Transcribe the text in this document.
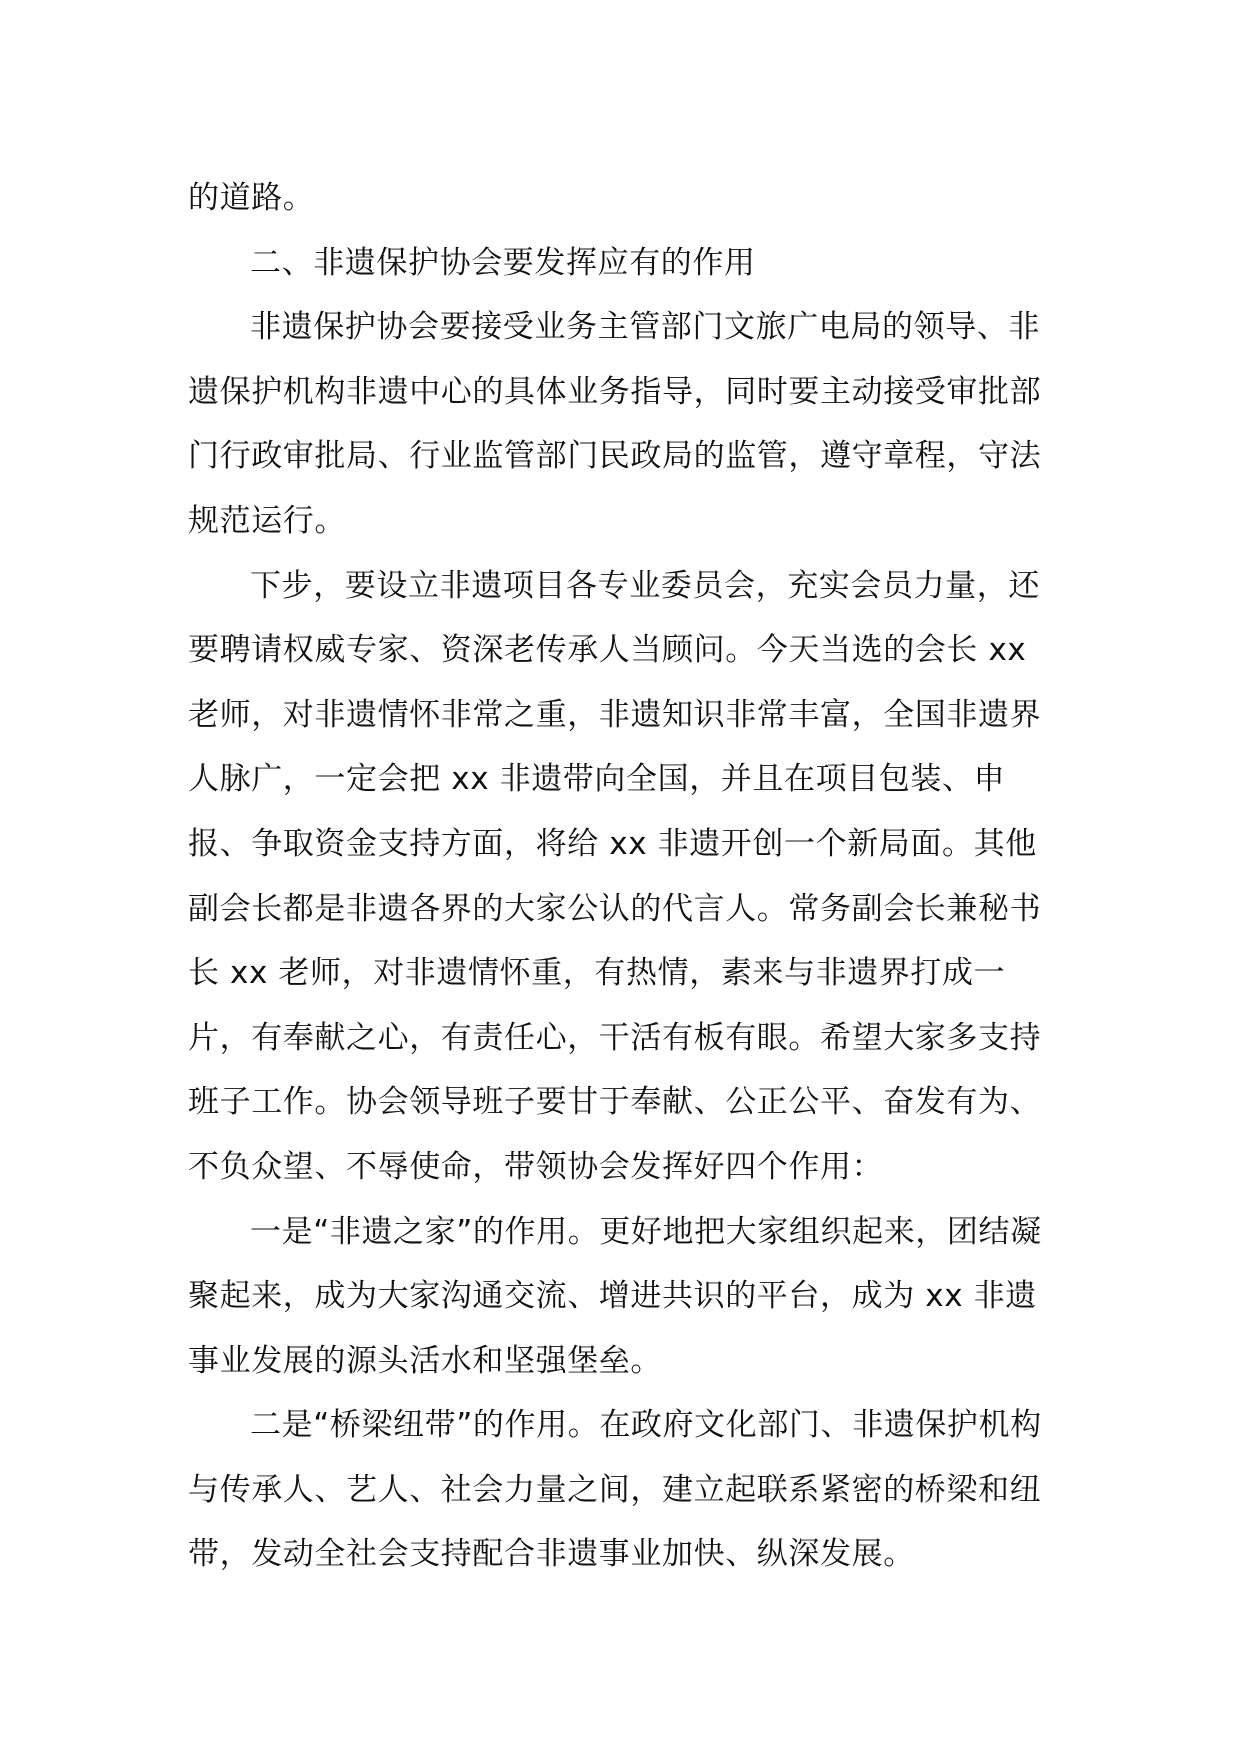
的道路。

二、非遗保护协会要发挥应有的作用

非遗保护协会要接受业务主管部门文旅广电局的领导、非遗保护机构非遗中心的具体业务指导，同时要主动接受审批部门行政审批局、行业监管部门民政局的监管，遵守章程，守法规范运行。

下步，要设立非遗项目各专业委员会，充实会员力量，还要聘请权威专家、资深老传承人当顾问。今天当选的会长 xx 老师，对非遗情怀非常之重，非遗知识非常丰富，全国非遗界人脉广，一定会把 xx 非遗带向全国，并且在项目包装、申报、争取资金支持方面，将给 xx 非遗开创一个新局面。其他副会长都是非遗各界的大家公认的代言人。常务副会长兼秘书长 xx 老师，对非遗情怀重，有热情，素来与非遗界打成一片，有奉献之心，有责任心，干活有板有眼。希望大家多支持班子工作。协会领导班子要甘于奉献、公正公平、奋发有为、不负众望、不辱使命，带领协会发挥好四个作用：

一是“非遗之家”的作用。更好地把大家组织起来，团结凝聚起来，成为大家沟通交流、增进共识的平台，成为 xx 非遗事业发展的源头活水和坚强堡垒。

二是“桥梁纽带”的作用。在政府文化部门、非遗保护机构与传承人、艺人、社会力量之间，建立起联系紧密的桥梁和纽带，发动全社会支持配合非遗事业加快、纵深发展。
